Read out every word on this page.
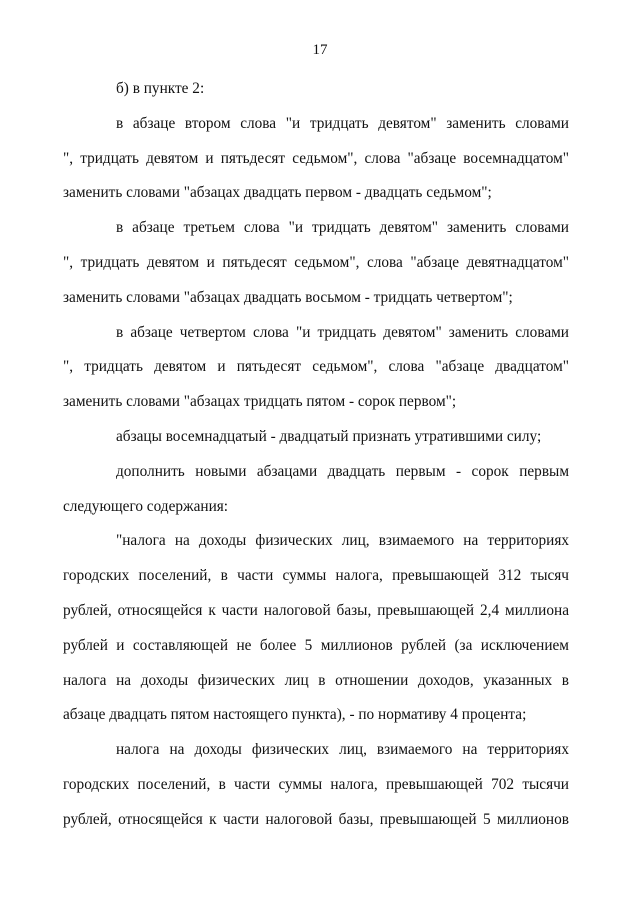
17
б) в пункте 2:
в абзаце втором слова "и тридцать девятом" заменить словами
", тридцать девятом и пятьдесят седьмом", слова "абзаце восемнадцатом"
заменить словами "абзацах двадцать первом - двадцать седьмом";
в абзаце третьем слова "и тридцать девятом" заменить словами
", тридцать девятом и пятьдесят седьмом", слова "абзаце девятнадцатом"
заменить словами "абзацах двадцать восьмом - тридцать четвертом";
в абзаце четвертом слова "и тридцать девятом" заменить словами
", тридцать девятом и пятьдесят седьмом", слова "абзаце двадцатом"
заменить словами "абзацах тридцать пятом - сорок первом";
абзацы восемнадцатый - двадцатый признать утратившими силу;
дополнить новыми абзацами двадцать первым - сорок первым
следующего содержания:
"налога на доходы физических лиц, взимаемого на территориях
городских поселений, в части суммы налога, превышающей 312 тысяч
рублей, относящейся к части налоговой базы, превышающей 2,4 миллиона
рублей и составляющей не более 5 миллионов рублей (за исключением
налога на доходы физических лиц в отношении доходов, указанных в
абзаце двадцать пятом настоящего пункта), - по нормативу 4 процента;
налога на доходы физических лиц, взимаемого на территориях
городских поселений, в части суммы налога, превышающей 702 тысячи
рублей, относящейся к части налоговой базы, превышающей 5 миллионов
